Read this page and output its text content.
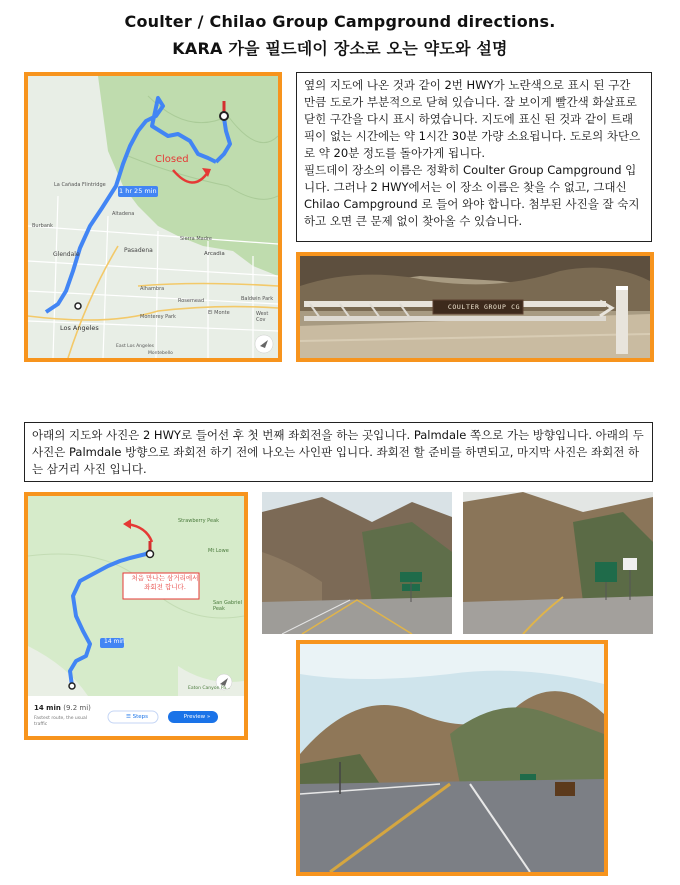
Coulter / Chilao Group Campground directions.
KARA 가을 필드데이 장소로 오는 약도와 설명
Closed
1 hr 25 min
La Cañada Flintridge
Altadena
Sierra Madre
Glendale
Pasadena	Arcadia
Burbank
Alhambra
Rosemead	Baldwin Park
West Cov
Los Angeles
Monterey Park
El Monte
East Los Angeles
Montebello

옆의 지도에 나온 것과 같이 2번 HWY가 노란색으로 표시 된 구간 만큼 도로가 부분적으로 닫혀 있습니다. 잘 보이게 빨간색 화살표로 닫힌 구간을 다시 표시 하였습니다. 지도에 표신 된 것과 같이 트래픽이 없는 시간에는 약 1시간 30분 가량 소요됩니다. 도로의 차단으로 약 20분 정도를 돌아가게 됩니다.

필드데이 장소의 이름은 정확히 Coulter Group Campground 입니다. 그러나 2 HWY에서는 이 장소 이름은 찾을 수 없고, 그대신 Chilao Campground 로 들어 와야 합니다. 첨부된 사진을 잘 숙지 하고 오면 큰 문제 없이 찾아올 수 있습니다.

COULTER GROUP CG

아래의 지도와 사진은 2 HWY로 들어선 후 첫 번째 좌회전을 하는 곳입니다. Palmdale 쪽으로 가는 방향입니다. 아래의 두 사진은 Palmdale 방향으로 좌회전 하기 전에 나오는 사인판 입니다. 좌회전 할 준비를 하면되고, 마지막 사진은 좌회전 하는 삼거리 사진 입니다.

처음 만나는 삼거리에서
좌회전 합니다.
14 min
Strawberry Peak
Mt Lowe
San Gabriel Peak
Eaton Canyon Pa...
14 min (9.2 mi)
Fastest route, the usual traffic
☰ Steps	Preview »
